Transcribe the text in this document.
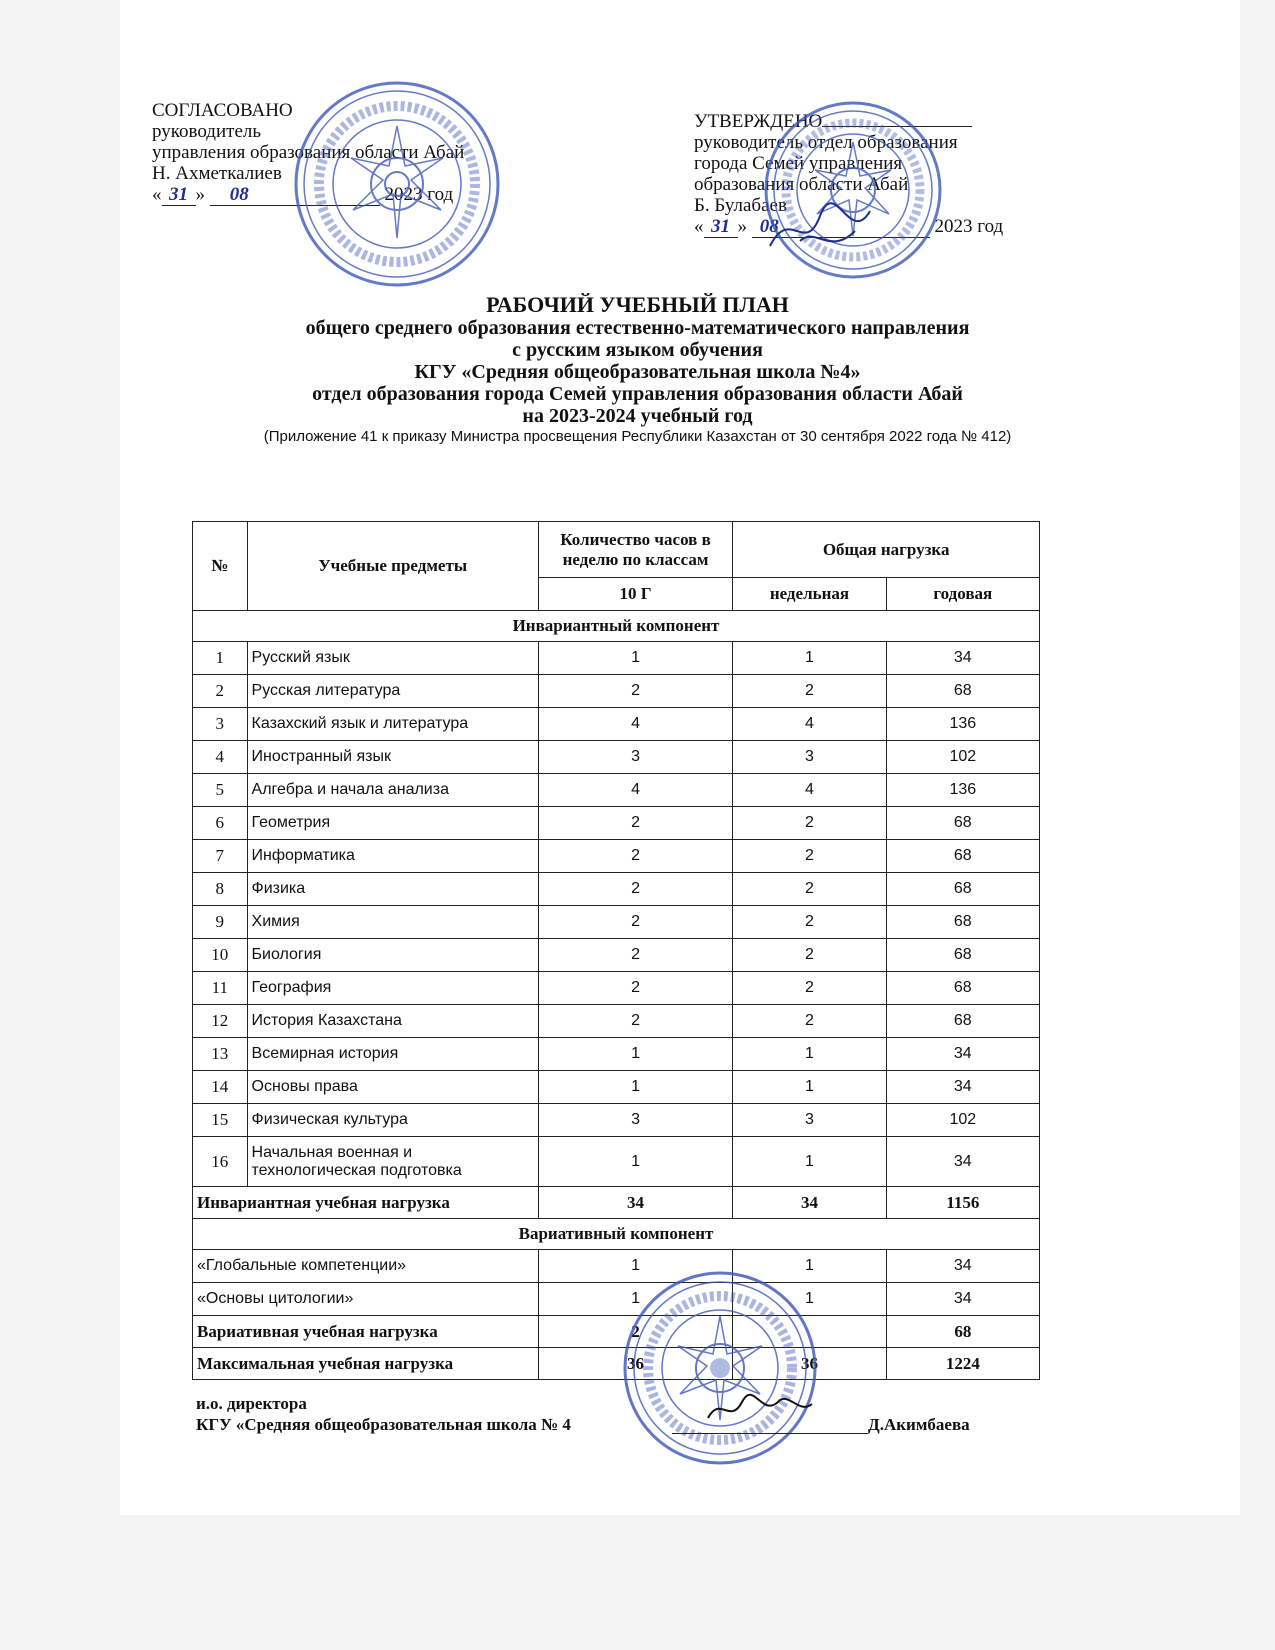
СОГЛАСОВАНО
руководитель
управления образования области Абай
Н. Ахметкалиев
« 31 » 08	2023 год
УТВЕРЖДЕНО
руководитель отдел образования
города Семей управления
образования области Абай
Б. Булабаев
« 31 » 08	2023 год
РАБОЧИЙ УЧЕБНЫЙ ПЛАН
общего среднего образования естественно-математического направления
с русским языком обучения
КГУ «Средняя общеобразовательная школа №4»
отдел образования города Семей управления образования области Абай
на 2023-2024 учебный год
(Приложение 41 к приказу Министра просвещения Республики Казахстан от 30 сентября 2022 года № 412)
№	Учебные предметы	Количество часов в неделю по классам	Общая нагрузка	
		10 Г	недельная	годовая
Инвариантный компонент				
1	Русский язык	1	1	34
2	Русская литература	2	2	68
3	Казахский язык и литература	4	4	136
4	Иностранный язык	3	3	102
5	Алгебра и начала анализа	4	4	136
6	Геометрия	2	2	68
7	Информатика	2	2	68
8	Физика	2	2	68
9	Химия	2	2	68
10	Биология	2	2	68
11	География	2	2	68
12	История Казахстана	2	2	68
13	Всемирная история	1	1	34
14	Основы права	1	1	34
15	Физическая культура	3	3	102
16	Начальная военная и технологическая подготовка	1	1	34
Инвариантная учебная нагрузка		34	34	1156
Вариативный компонент				
«Глобальные компетенции»		1	1	34
«Основы цитологии»		1	1	34
Вариативная учебная нагрузка		2		68
Максимальная учебная нагрузка		36	36	1224
и.о. директора
КГУ «Средняя общеобразовательная школа № 4	Д.Акимбаева
